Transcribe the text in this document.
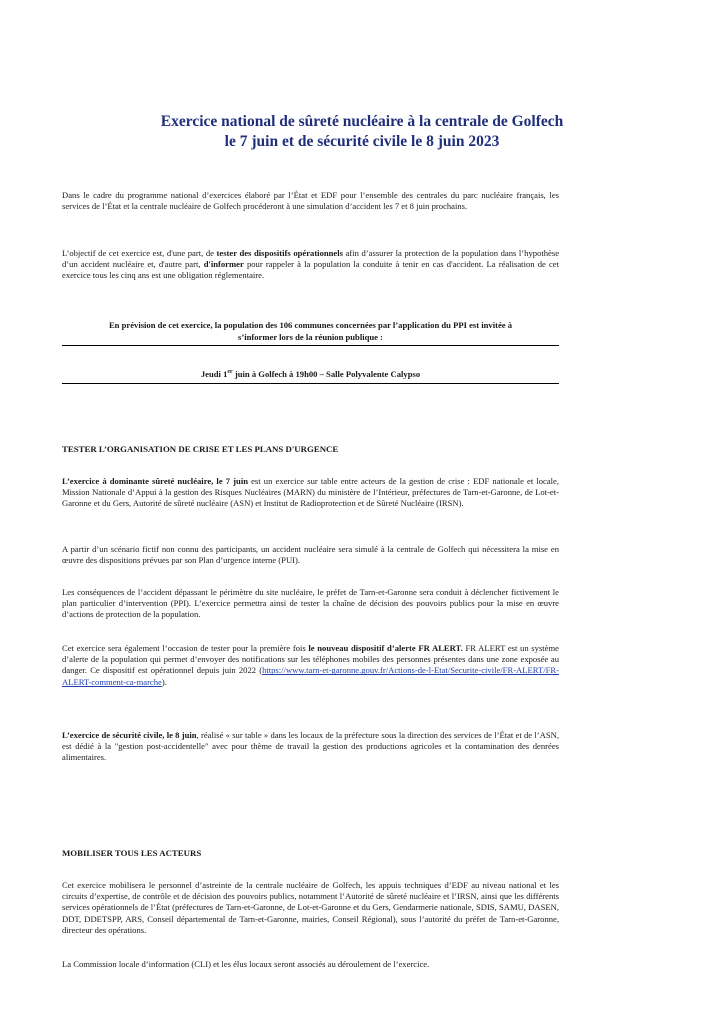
Exercice national de sûreté nucléaire à la centrale de Golfech
le 7 juin et de sécurité civile le 8 juin 2023

Dans le cadre du programme national d’exercices élaboré par l’État et EDF pour l’ensemble des centrales du parc nucléaire français, les services de l’État et la centrale nucléaire de Golfech procéderont à une simulation d’accident les 7 et 8 juin prochains.

L’objectif de cet exercice est, d'une part, de tester des dispositifs opérationnels afin d’assurer la protection de la population dans l’hypothèse d’un accident nucléaire et, d'autre part, d'informer pour rappeler à la population la conduite à tenir en cas d'accident. La réalisation de cet exercice tous les cinq ans est une obligation réglementaire.

En prévision de cet exercice, la population des 106 communes concernées par l’application du PPI est invitée à
s’informer lors de la réunion publique :
Jeudi 1er juin à Golfech à 19h00 – Salle Polyvalente Calypso
TESTER L’ORGANISATION DE CRISE ET LES PLANS D'URGENCE

L’exercice à dominante sûreté nucléaire, le 7 juin est un exercice sur table entre acteurs de la gestion de crise : EDF nationale et locale, Mission Nationale d’Appui à la gestion des Risques Nucléaires (MARN) du ministère de l’Intérieur, préfectures de Tarn-et-Garonne, de Lot-et-Garonne et du Gers, Autorité de sûreté nucléaire (ASN) et Institut de Radioprotection et de Sûreté Nucléaire (IRSN).

A partir d’un scénario fictif non connu des participants, un accident nucléaire sera simulé à la centrale de Golfech qui nécessitera la mise en œuvre des dispositions prévues par son Plan d’urgence interne (PUI).

Les conséquences de l’accident dépassant le périmètre du site nucléaire, le préfet de Tarn-et-Garonne sera conduit à déclencher fictivement le plan particulier d’intervention (PPI). L’exercice permettra ainsi de tester la chaîne de décision des pouvoirs publics pour la mise en œuvre d’actions de protection de la population.

Cet exercice sera également l’occasion de tester pour la première fois le nouveau dispositif d’alerte FR ALERT. FR ALERT est un système d’alerte de la population qui permet d’envoyer des notifications sur les téléphones mobiles des personnes présentes dans une zone exposée au danger. Ce dispositif est opérationnel depuis juin 2022 (https://www.tarn-et-garonne.gouv.fr/Actions-de-l-Etat/Securite-civile/FR-ALERT/FR-ALERT-comment-ca-marche).

L’exercice de sécurité civile, le 8 juin, réalisé « sur table » dans les locaux de la préfecture sous la direction des services de l’État et de l’ASN, est dédié à la "gestion post-accidentelle" avec pour thème de travail la gestion des productions agricoles et la contamination des denrées alimentaires.

MOBILISER TOUS LES ACTEURS

Cet exercice mobilisera le personnel d’astreinte de la centrale nucléaire de Golfech, les appuis techniques d’EDF au niveau national et les circuits d’expertise, de contrôle et de décision des pouvoirs publics, notamment l’Autorité de sûreté nucléaire et l’IRSN, ainsi que les différents services opérationnels de l’État (préfectures de Tarn-et-Garonne, de Lot-et-Garonne et du Gers, Gendarmerie nationale, SDIS, SAMU, DASEN, DDT, DDETSPP, ARS, Conseil départemental de Tarn-et-Garonne, mairies, Conseil Régional), sous l’autorité du préfet de Tarn-et-Garonne, directeur des opérations.

La Commission locale d’information (CLI) et les élus locaux seront associés au déroulement de l’exercice.
